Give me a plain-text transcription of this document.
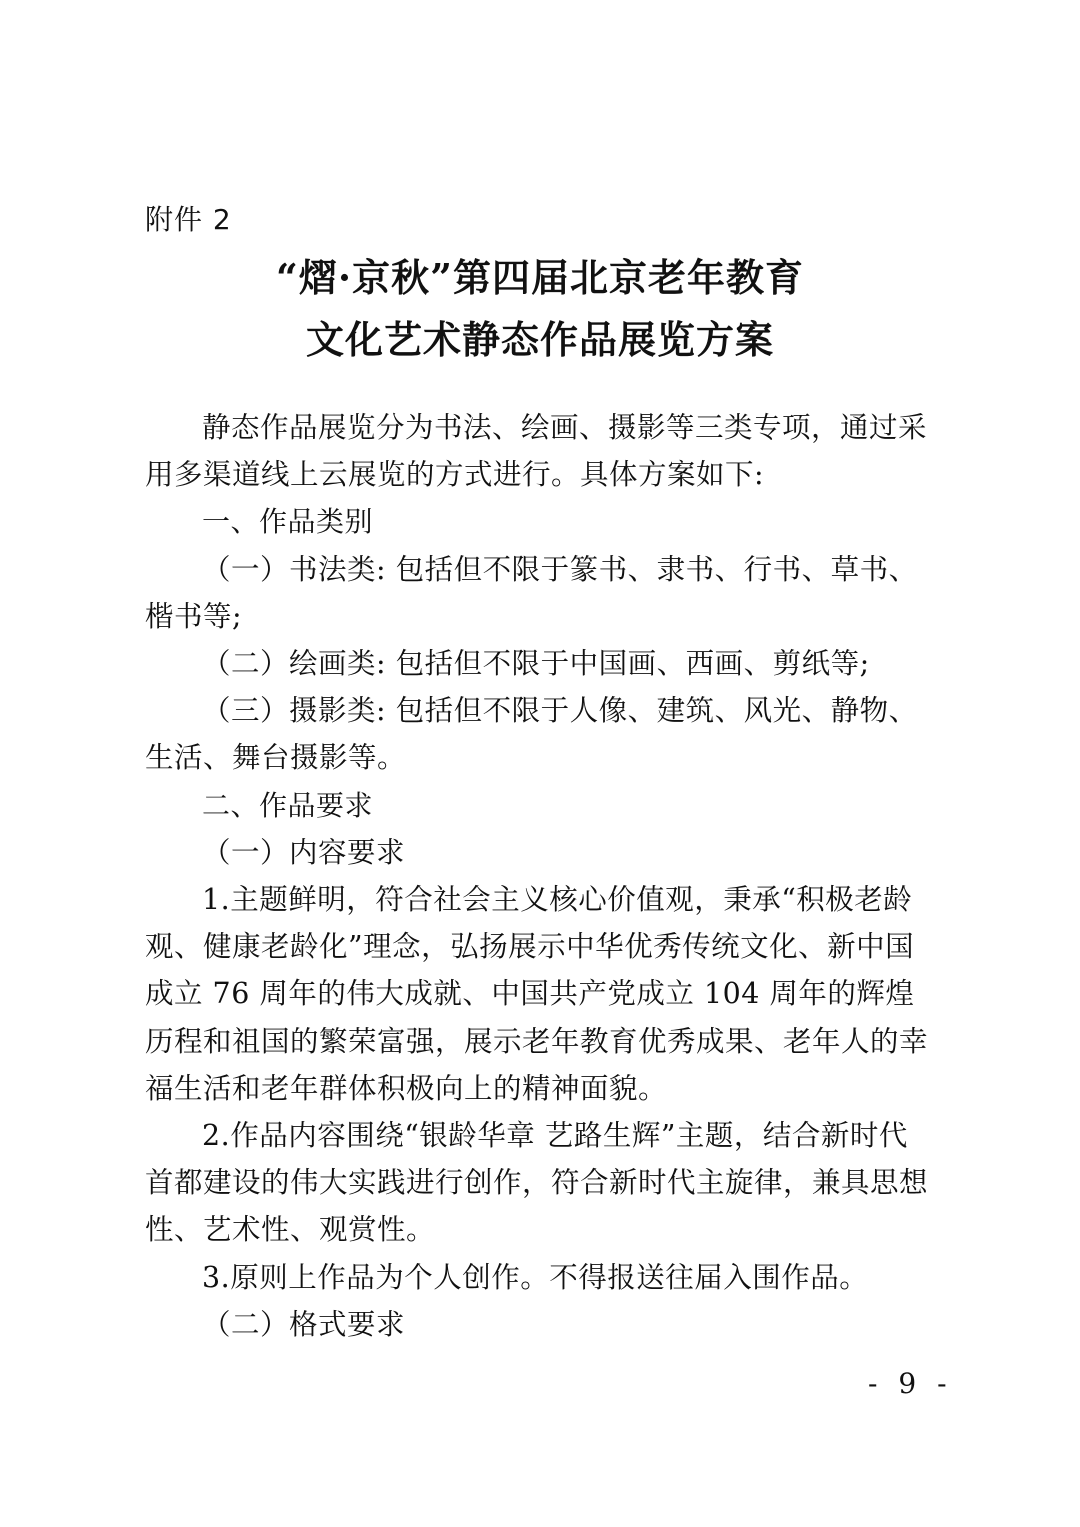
附件 2
“熠·京秋”第四届北京老年教育
文化艺术静态作品展览方案

静态作品展览分为书法、绘画、摄影等三类专项，通过采用多渠道线上云展览的方式进行。具体方案如下:

一、作品类别

（一）书法类: 包括但不限于篆书、隶书、行书、草书、楷书等;

（二）绘画类: 包括但不限于中国画、西画、剪纸等;

（三）摄影类: 包括但不限于人像、建筑、风光、静物、生活、舞台摄影等。

二、作品要求

（一）内容要求

1.主题鲜明，符合社会主义核心价值观，秉承“积极老龄观、健康老龄化”理念，弘扬展示中华优秀传统文化、新中国成立 76 周年的伟大成就、中国共产党成立 104 周年的辉煌历程和祖国的繁荣富强，展示老年教育优秀成果、老年人的幸福生活和老年群体积极向上的精神面貌。

2.作品内容围绕“银龄华章 艺路生辉”主题，结合新时代首都建设的伟大实践进行创作，符合新时代主旋律，兼具思想性、艺术性、观赏性。

3.原则上作品为个人创作。不得报送往届入围作品。

（二）格式要求

- 9 -
